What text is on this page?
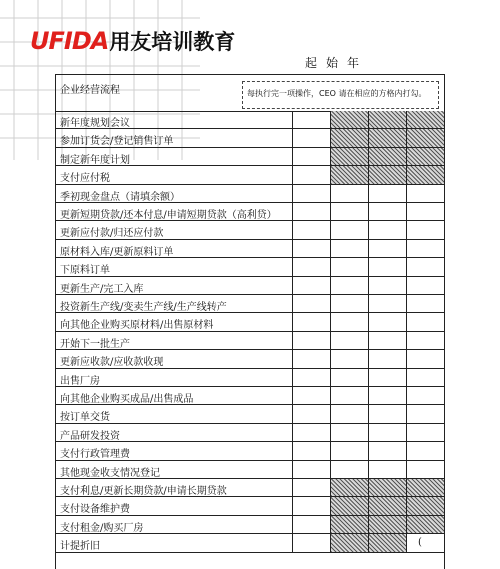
UFIDA 用友培训教育
起始年
企业经营流程	每执行完一项操作，CEO 请在相应的方格内打勾。
新年度规划会议
参加订货会/登记销售订单
制定新年度计划
支付应付税
季初现金盘点（请填余额）
更新短期贷款/还本付息/申请短期贷款（高利贷）
更新应付款/归还应付款
原材料入库/更新原料订单
下原料订单
更新生产/完工入库
投资新生产线/变卖生产线/生产线转产
向其他企业购买原材料/出售原材料
开始下一批生产
更新应收款/应收款收现
出售厂房
向其他企业购买成品/出售成品
按订单交货
产品研发投资
支付行政管理费
其他现金收支情况登记
支付利息/更新长期贷款/申请长期贷款
支付设备维护费
支付租金/购买厂房
计提折旧	(
